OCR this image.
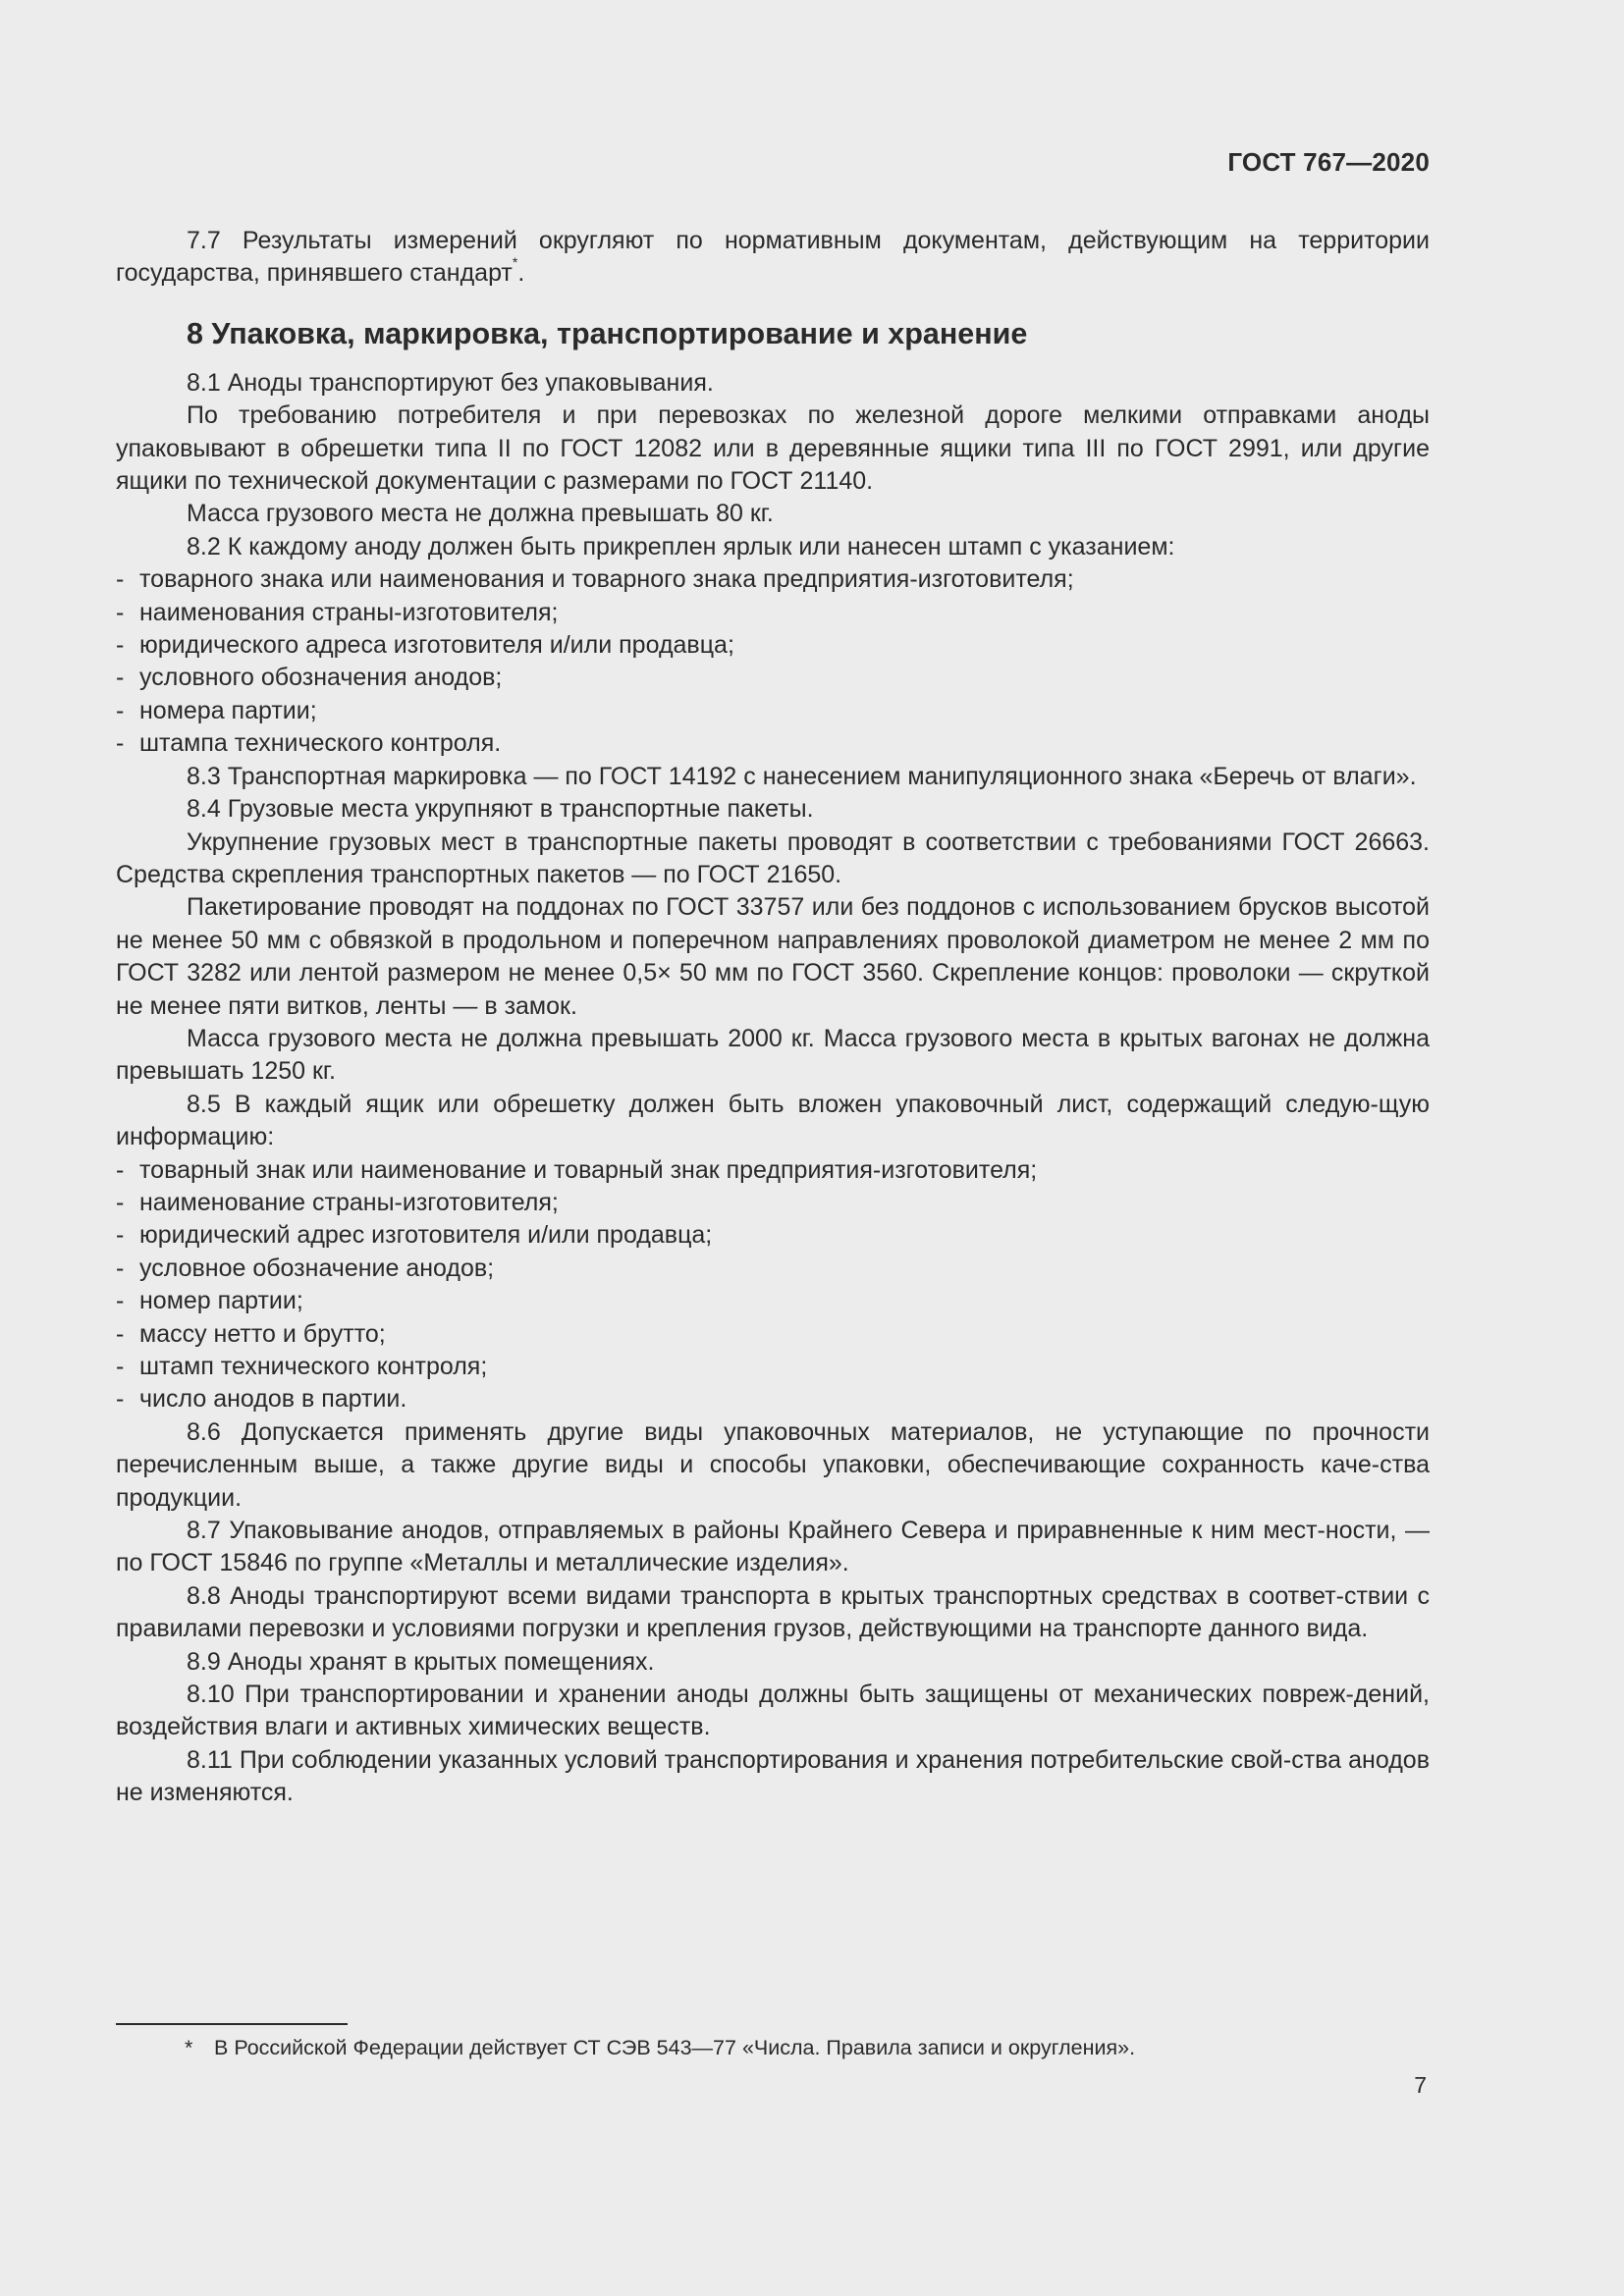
ГОСТ 767—2020

7.7 Результаты измерений округляют по нормативным документам, действующим на территории государства, принявшего стандарт*.

8 Упаковка, маркировка, транспортирование и хранение

8.1 Аноды транспортируют без упаковывания.

По требованию потребителя и при перевозках по железной дороге мелкими отправками аноды упаковывают в обрешетки типа II по ГОСТ 12082 или в деревянные ящики типа III по ГОСТ 2991, или другие ящики по технической документации с размерами по ГОСТ 21140.

Масса грузового места не должна превышать 80 кг.

8.2 К каждому аноду должен быть прикреплен ярлык или нанесен штамп с указанием:

- товарного знака или наименования и товарного знака предприятия-изготовителя;

- наименования страны-изготовителя;

- юридического адреса изготовителя и/или продавца;

- условного обозначения анодов;

- номера партии;

- штампа технического контроля.

8.3 Транспортная маркировка — по ГОСТ 14192 с нанесением манипуляционного знака «Беречь от влаги».

8.4 Грузовые места укрупняют в транспортные пакеты.

Укрупнение грузовых мест в транспортные пакеты проводят в соответствии с требованиями ГОСТ 26663. Средства скрепления транспортных пакетов — по ГОСТ 21650.

Пакетирование проводят на поддонах по ГОСТ 33757 или без поддонов с использованием брусков высотой не менее 50 мм с обвязкой в продольном и поперечном направлениях проволокой диаметром не менее 2 мм по ГОСТ 3282 или лентой размером не менее 0,5× 50 мм по ГОСТ 3560. Скрепление концов: проволоки — скруткой не менее пяти витков, ленты — в замок.

Масса грузового места не должна превышать 2000 кг. Масса грузового места в крытых вагонах не должна превышать 1250 кг.

8.5 В каждый ящик или обрешетку должен быть вложен упаковочный лист, содержащий следую-щую информацию:

- товарный знак или наименование и товарный знак предприятия-изготовителя;

- наименование страны-изготовителя;

- юридический адрес изготовителя и/или продавца;

- условное обозначение анодов;

- номер партии;

- массу нетто и брутто;

- штамп технического контроля;

- число анодов в партии.

8.6 Допускается применять другие виды упаковочных материалов, не уступающие по прочности перечисленным выше, а также другие виды и способы упаковки, обеспечивающие сохранность каче-ства продукции.

8.7 Упаковывание анодов, отправляемых в районы Крайнего Севера и приравненные к ним мест-ности, — по ГОСТ 15846 по группе «Металлы и металлические изделия».

8.8 Аноды транспортируют всеми видами транспорта в крытых транспортных средствах в соответ-ствии с правилами перевозки и условиями погрузки и крепления грузов, действующими на транспорте данного вида.

8.9 Аноды хранят в крытых помещениях.

8.10 При транспортировании и хранении аноды должны быть защищены от механических повреж-дений, воздействия влаги и активных химических веществ.

8.11 При соблюдении указанных условий транспортирования и хранения потребительские свой-ства анодов не изменяются.

*	В Российской Федерации действует СТ СЭВ 543—77 «Числа. Правила записи и округления».
7
